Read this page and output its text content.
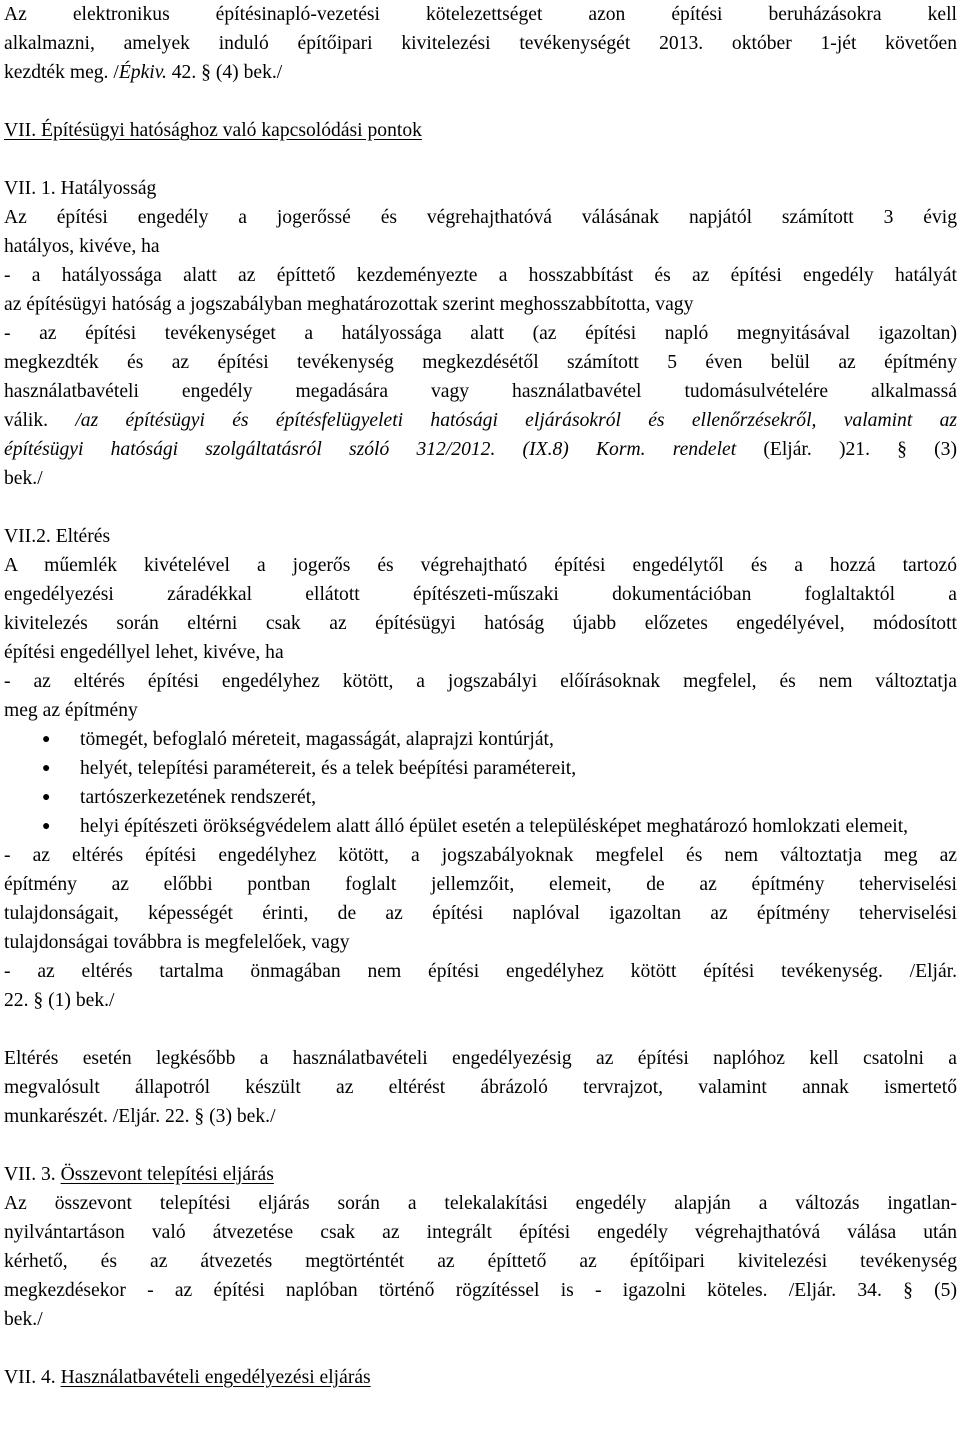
Az elektronikus építésinapló-vezetési kötelezettséget azon építési beruházásokra kell

alkalmazni, amelyek induló építőipari kivitelezési tevékenységét 2013. október 1-jét követően

kezdték meg. /Épkiv. 42. § (4) bek./

VII. Építésügyi hatósághoz való kapcsolódási pontok
VII. 1. Hatályosság

Az építési engedély a jogerőssé és végrehajthatóvá válásának napjától számított 3 évig

hatályos, kivéve, ha

- a hatályossága alatt az építtető kezdeményezte a hosszabbítást és az építési engedély hatályát

az építésügyi hatóság a jogszabályban meghatározottak szerint meghosszabbította, vagy

- az építési tevékenységet a hatályossága alatt (az építési napló megnyitásával igazoltan)

megkezdték és az építési tevékenység megkezdésétől számított 5 éven belül az építmény

használatbavételi engedély megadására vagy használatbavétel tudomásulvételére alkalmassá

válik. /az építésügyi és építésfelügyeleti hatósági eljárásokról és ellenőrzésekről, valamint az

építésügyi hatósági szolgáltatásról szóló 312/2012. (IX.8) Korm. rendelet (Eljár. )21. § (3)

bek./

VII.2. Eltérés

A műemlék kivételével a jogerős és végrehajtható építési engedélytől és a hozzá tartozó

engedélyezési záradékkal ellátott építészeti-műszaki dokumentációban foglaltaktól a

kivitelezés során eltérni csak az építésügyi hatóság újabb előzetes engedélyével, módosított

építési engedéllyel lehet, kivéve, ha

- az eltérés építési engedélyhez kötött, a jogszabályi előírásoknak megfelel, és nem változtatja

meg az építmény

● tömegét, befoglaló méreteit, magasságát, alaprajzi kontúrját,
● helyét, telepítési paramétereit, és a telek beépítési paramétereit,
● tartószerkezetének rendszerét,
● helyi építészeti örökségvédelem alatt álló épület esetén a településképet meghatározó homlokzati elemeit,

- az eltérés építési engedélyhez kötött, a jogszabályoknak megfelel és nem változtatja meg az

építmény az előbbi pontban foglalt jellemzőit, elemeit, de az építmény teherviselési

tulajdonságait, képességét érinti, de az építési naplóval igazoltan az építmény teherviselési

tulajdonságai továbbra is megfelelőek, vagy

- az eltérés tartalma önmagában nem építési engedélyhez kötött építési tevékenység. /Eljár.

22. § (1) bek./

Eltérés esetén legkésőbb a használatbavételi engedélyezésig az építési naplóhoz kell csatolni a

megvalósult állapotról készült az eltérést ábrázoló tervrajzot, valamint annak ismertető

munkarészét. /Eljár. 22. § (3) bek./

VII. 3. Összevont telepítési eljárás

Az összevont telepítési eljárás során a telekalakítási engedély alapján a változás ingatlan-

nyilvántartáson való átvezetése csak az integrált építési engedély végrehajthatóvá válása után

kérhető, és az átvezetés megtörténtét az építtető az építőipari kivitelezési tevékenység

megkezdésekor - az építési naplóban történő rögzítéssel is - igazolni köteles. /Eljár. 34. § (5)

bek./

VII. 4. Használatbavételi engedélyezési eljárás
